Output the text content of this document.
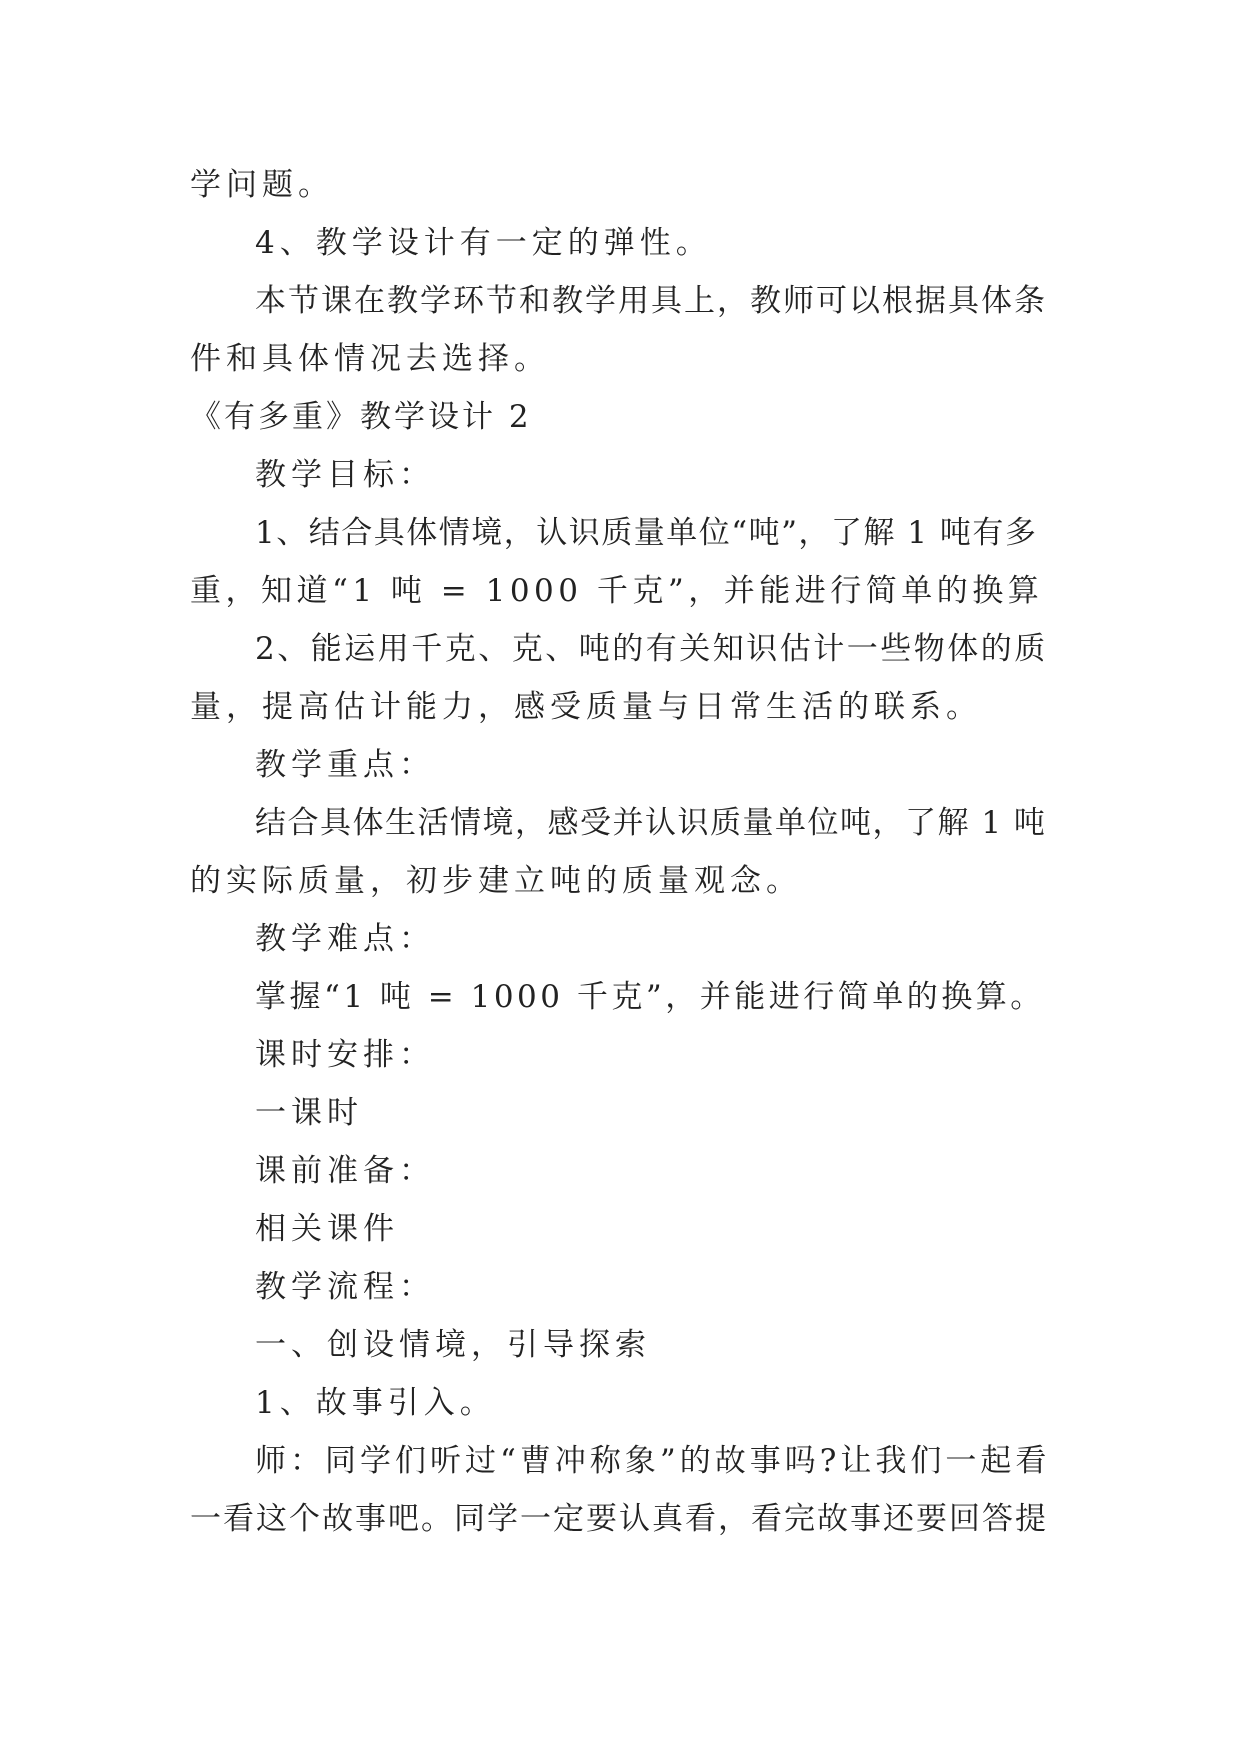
学问题。

4、教学设计有一定的弹性。

本节课在教学环节和教学用具上，教师可以根据具体条

件和具体情况去选择。

《有多重》教学设计 2

教学目标：

1、结合具体情境，认识质量单位“吨”，了解 1 吨有多

重，知道“1 吨 = 1000 千克”，并能进行简单的换算

2、能运用千克、克、吨的有关知识估计一些物体的质

量，提高估计能力，感受质量与日常生活的联系。

教学重点：

结合具体生活情境，感受并认识质量单位吨，了解 1 吨

的实际质量，初步建立吨的质量观念。

教学难点：

掌握“1 吨 = 1000 千克”，并能进行简单的换算。

课时安排：

一课时

课前准备：

相关课件

教学流程：

一、创设情境，引导探索

1、故事引入。

师：同学们听过“曹冲称象”的故事吗?让我们一起看

一看这个故事吧。同学一定要认真看，看完故事还要回答提
